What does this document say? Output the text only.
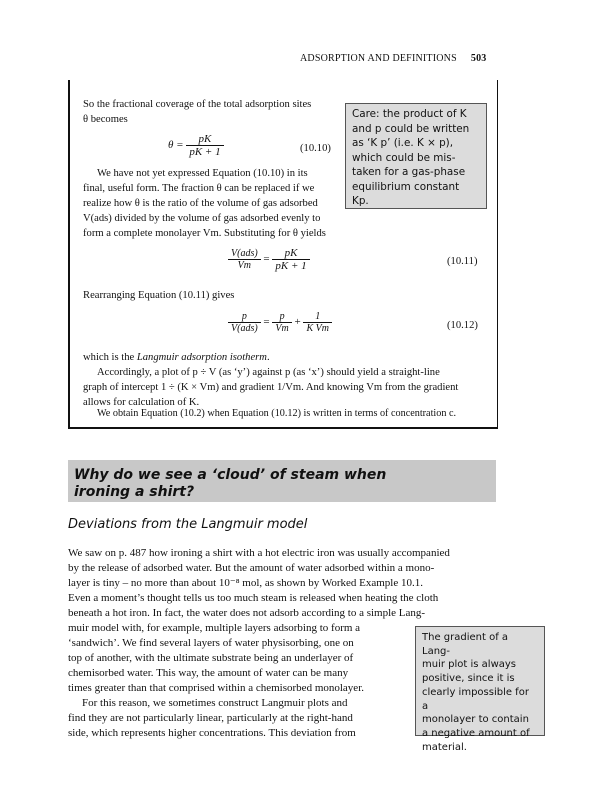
ADSORPTION AND DEFINITIONS 503
So the fractional coverage of the total adsorption sites
θ becomes
$\theta = \frac{pK}{pK + 1}$	(10.10)
We have not yet expressed Equation (10.10) in its
final, useful form. The fraction θ can be replaced if we
realize how θ is the ratio of the volume of gas adsorbed
V(ads) divided by the volume of gas adsorbed evenly to
form a complete monolayer Vm. Substituting for θ yields
Care: the product of K
and p could be written
as ‘K p’ (i.e. K × p),
which could be mis-
taken for a gas-phase
equilibrium constant
Kp.
$\frac{\text{V(ads)}}{Vm} = \frac{pK}{pK + 1}$	(10.11)
Rearranging Equation (10.11) gives
$\frac{p}{\text{V(ads)}} = \frac{p}{Vm} + \frac{1}{\text{K Vm}}$	(10.12)
which is the Langmuir adsorption isotherm.
Accordingly, a plot of p ÷ V (as ‘y’) against p (as ‘x’) should yield a straight-line
graph of intercept 1 ÷ (K × Vm) and gradient 1/Vm. And knowing Vm from the gradient
allows for calculation of K.
We obtain Equation (10.2) when Equation (10.12) is written in terms of concentration c.
Why do we see a ‘cloud’ of steam when
ironing a shirt?
Deviations from the Langmuir model
We saw on p. 487 how ironing a shirt with a hot electric iron was usually accompanied
by the release of adsorbed water. But the amount of water adsorbed within a mono-
layer is tiny – no more than about 10⁻⁸ mol, as shown by Worked Example 10.1.
Even a moment’s thought tells us too much steam is released when heating the cloth
beneath a hot iron. In fact, the water does not adsorb according to a simple Lang-
muir model with, for example, multiple layers adsorbing to form a
‘sandwich’. We find several layers of water physisorbing, one on
top of another, with the ultimate substrate being an underlayer of
chemisorbed water. This way, the amount of water can be many
times greater than that comprised within a chemisorbed monolayer.
For this reason, we sometimes construct Langmuir plots and
find they are not particularly linear, particularly at the right-hand
side, which represents higher concentrations. This deviation from
The gradient of a Lang-
muir plot is always
positive, since it is
clearly impossible for a
monolayer to contain
a negative amount of
material.
